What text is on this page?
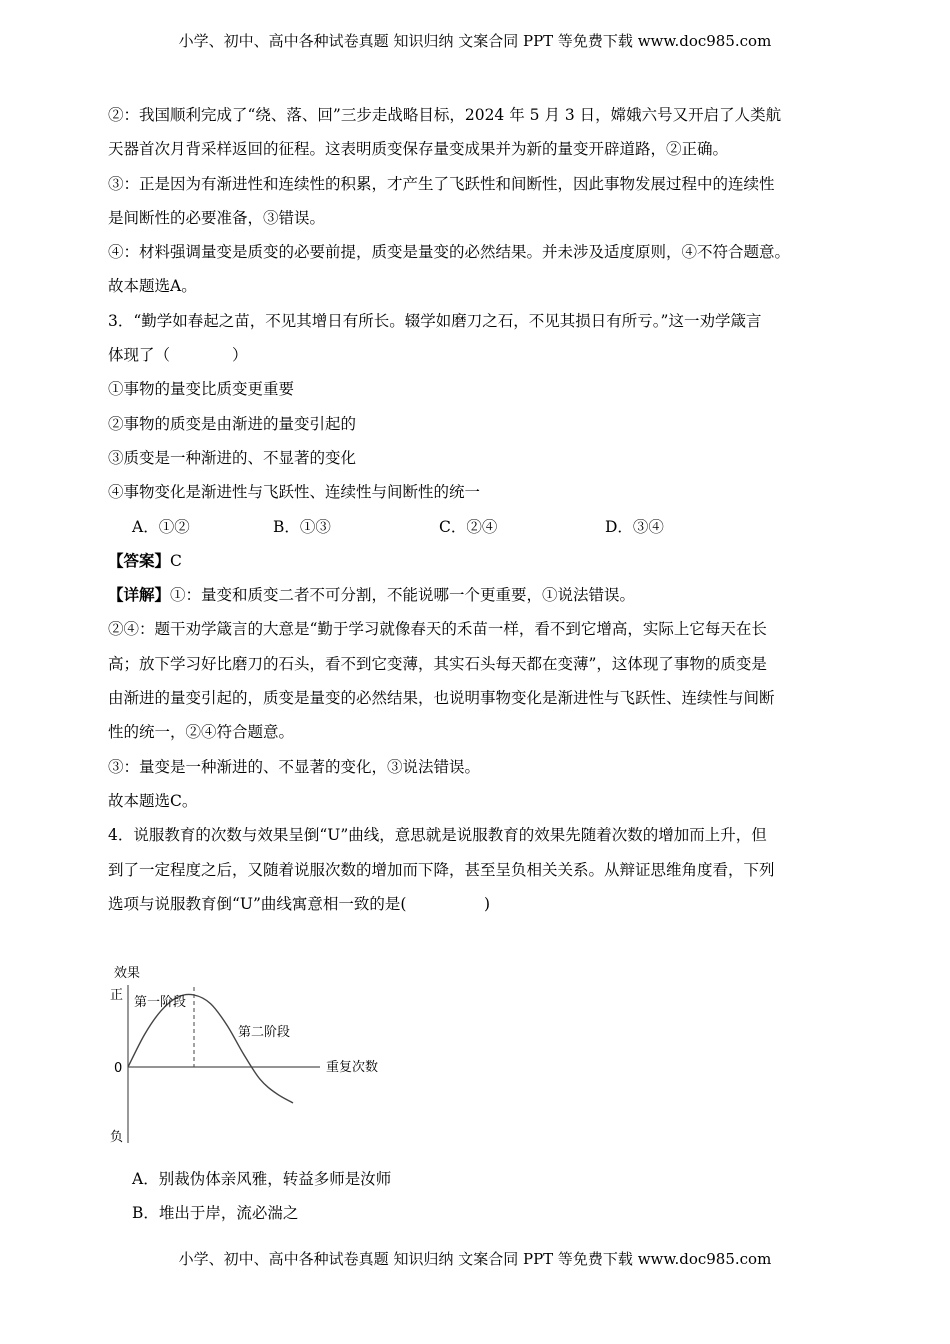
小学、初中、高中各种试卷真题 知识归纳 文案合同 PPT 等免费下载 www.doc985.com
②：我国顺利完成了“绕、落、回”三步走战略目标，2024 年 5 月 3 日，嫦娥六号又开启了人类航
天器首次月背采样返回的征程。这表明质变保存量变成果并为新的量变开辟道路，②正确。
③：正是因为有渐进性和连续性的积累，才产生了飞跃性和间断性，因此事物发展过程中的连续性
是间断性的必要准备，③错误。
④：材料强调量变是质变的必要前提，质变是量变的必然结果。并未涉及适度原则，④不符合题意。
故本题选A。
3．“勤学如春起之苗，不见其增日有所长。辍学如磨刀之石，不见其损日有所亏。”这一劝学箴言
体现了（　　　　）
①事物的量变比质变更重要
②事物的质变是由渐进的量变引起的
③质变是一种渐进的、不显著的变化
④事物变化是渐进性与飞跃性、连续性与间断性的统一
A．①②	B．①③	C．②④	D．③④
【答案】C
【详解】①：量变和质变二者不可分割，不能说哪一个更重要，①说法错误。
②④：题干劝学箴言的大意是“勤于学习就像春天的禾苗一样，看不到它增高，实际上它每天在长
高；放下学习好比磨刀的石头，看不到它变薄，其实石头每天都在变薄”，这体现了事物的质变是
由渐进的量变引起的，质变是量变的必然结果，也说明事物变化是渐进性与飞跃性、连续性与间断
性的统一，②④符合题意。
③：量变是一种渐进的、不显著的变化，③说法错误。
故本题选C。
4．说服教育的次数与效果呈倒“U”曲线，意思就是说服教育的效果先随着次数的增加而上升，但
到了一定程度之后，又随着说服次数的增加而下降，甚至呈负相关关系。从辩证思维角度看，下列
选项与说服教育倒“U”曲线寓意相一致的是(　　　　　)
效果
正
0
负
重复次数
第一阶段
第二阶段
A．别裁伪体亲风雅，转益多师是汝师
B．堆出于岸，流必湍之
小学、初中、高中各种试卷真题 知识归纳 文案合同 PPT 等免费下载 www.doc985.com
